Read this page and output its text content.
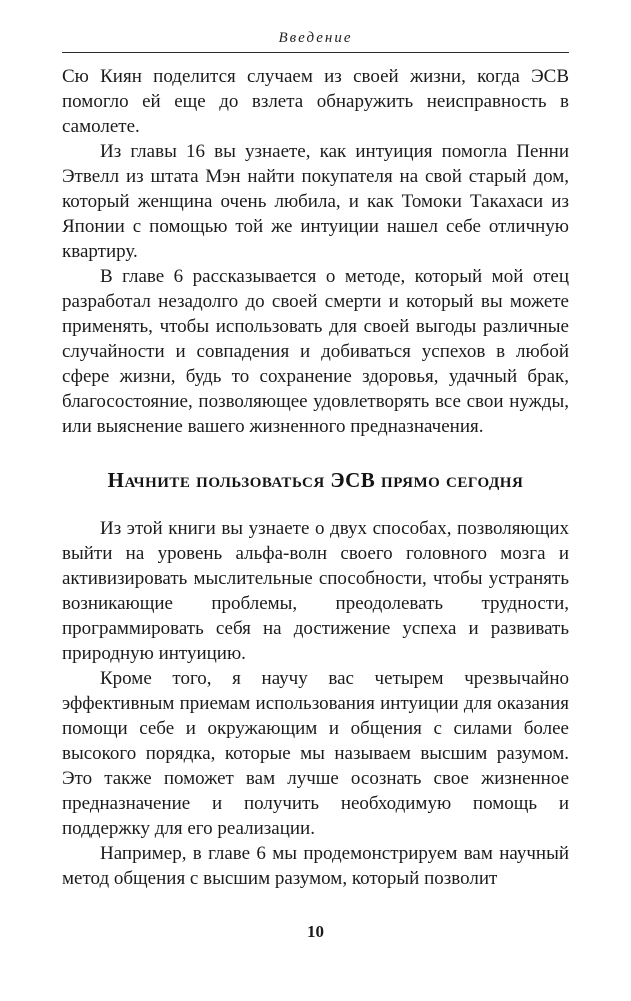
Введение

Сю Киян поделится случаем из своей жизни, когда ЭСВ помогло ей еще до взлета обнаружить неисправность в самолете.

Из главы 16 вы узнаете, как интуиция помогла Пенни Этвелл из штата Мэн найти покупателя на свой старый дом, который женщина очень любила, и как Томоки Такахаси из Японии с помощью той же интуиции нашел себе отличную квартиру.

В главе 6 рассказывается о методе, который мой отец разработал незадолго до своей смерти и который вы можете применять, чтобы использовать для своей выгоды различные случайности и совпадения и добиваться успехов в любой сфере жизни, будь то сохранение здоровья, удачный брак, благосостояние, позволяющее удовлетворять все свои нужды, или выяснение вашего жизненного предназначения.

Начните пользоваться ЭСВ прямо сегодня

Из этой книги вы узнаете о двух способах, позволяющих выйти на уровень альфа-волн своего головного мозга и активизировать мыслительные способности, чтобы устранять возникающие проблемы, преодолевать трудности, программировать себя на достижение успеха и развивать природную интуицию.

Кроме того, я научу вас четырем чрезвычайно эффективным приемам использования интуиции для оказания помощи себе и окружающим и общения с силами более высокого порядка, которые мы называем высшим разумом. Это также поможет вам лучше осознать свое жизненное предназначение и получить необходимую помощь и поддержку для его реализации.

Например, в главе 6 мы продемонстрируем вам научный метод общения с высшим разумом, который позволит

10
